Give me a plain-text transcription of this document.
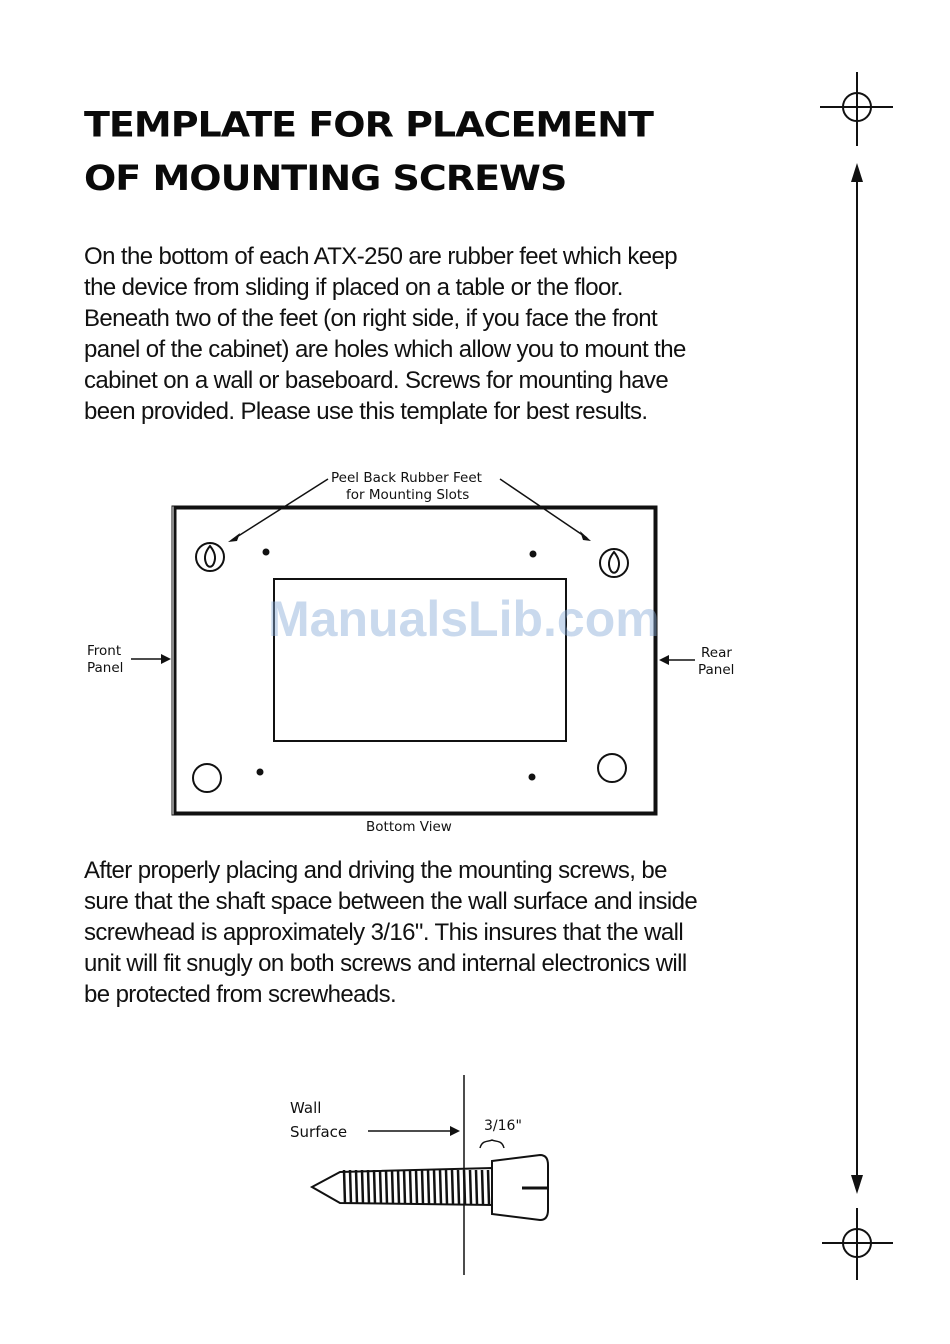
TEMPLATE FOR PLACEMENT
OF MOUNTING SCREWS

On the bottom of each ATX-250 are rubber feet which keep
the device from sliding if placed on a table or the floor.
Beneath two of the feet (on right side, if you face the front
panel of the cabinet) are holes which allow you to mount the
cabinet on a wall or baseboard. Screws for mounting have
been provided. Please use this template for best results.

Peel Back Rubber Feet
for Mounting Slots
Front
Panel
Rear
Panel
Bottom View
ManualsLib.com

After properly placing and driving the mounting screws, be
sure that the shaft space between the wall surface and inside
screwhead is approximately 3/16". This insures that the wall
unit will fit snugly on both screws and internal electronics will
be protected from screwheads.

Wall
Surface	3/16"
